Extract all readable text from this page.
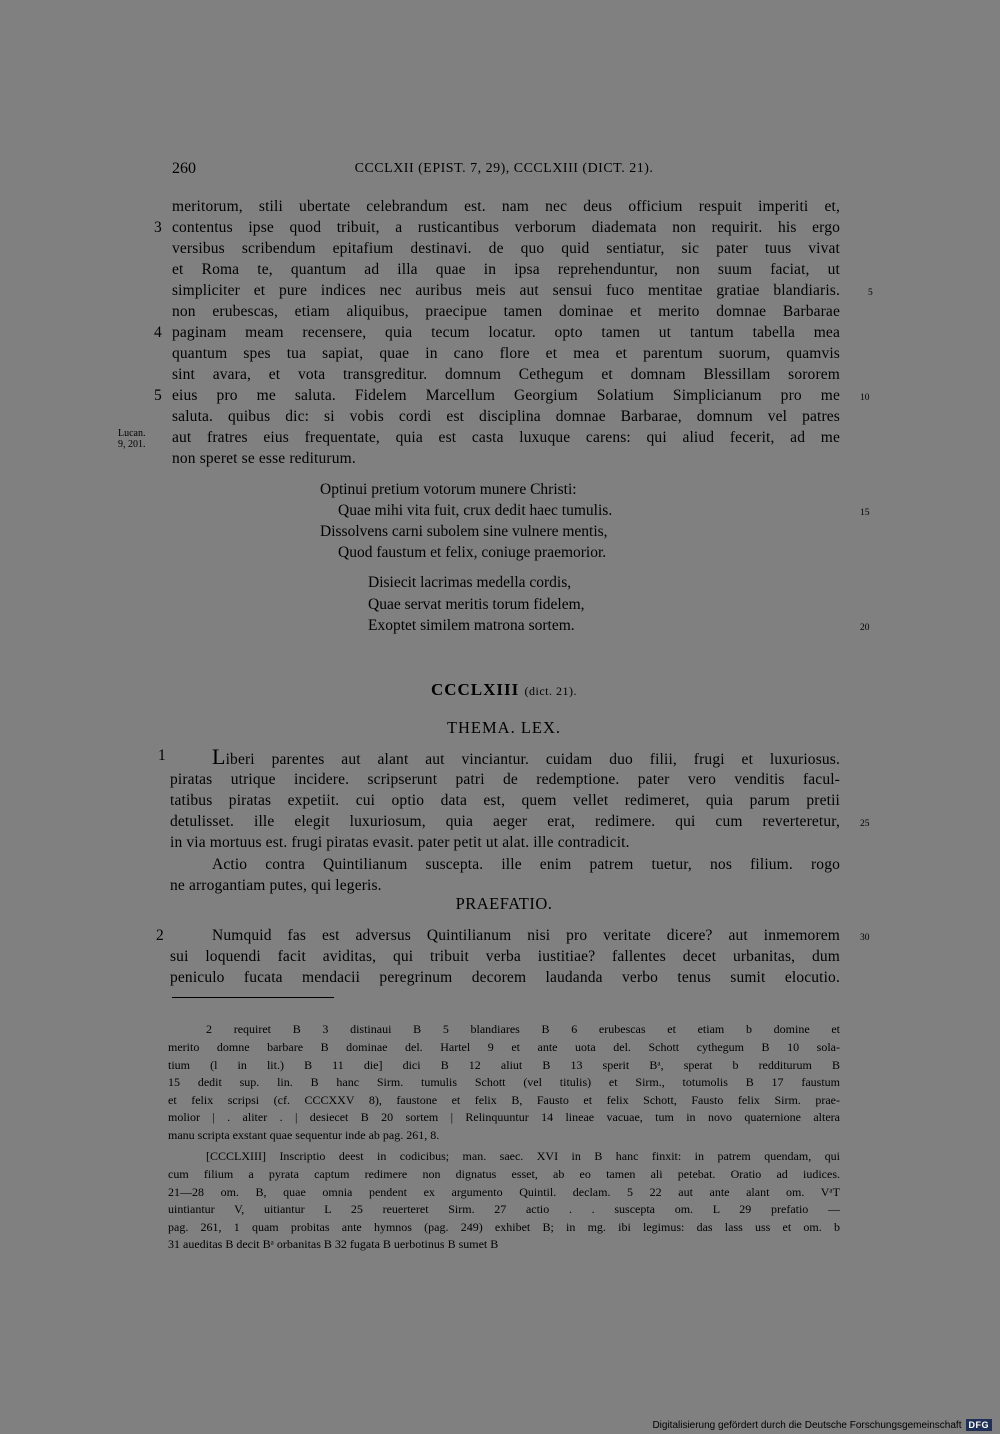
260	CCCLXII (EPIST. 7, 29), CCCLXIII (DICT. 21).
meritorum, stili ubertate celebrandum est. nam nec deus officium respuit imperiti et,
contentus ipse quod tribuit, a rusticantibus verborum diademata non requirit. his ergo
versibus scribendum epitafium destinavi. de quo quid sentiatur, sic pater tuus vivat
et Roma te, quantum ad illa quae in ipsa reprehenduntur, non suum faciat, ut
simpliciter et pure indices nec auribus meis aut sensui fuco mentitae gratiae blandiaris.
non erubescas, etiam aliquibus, praecipue tamen dominae et merito domnae Barbarae
paginam meam recensere, quia tecum locatur. opto tamen ut tantum tabella mea
quantum spes tua sapiat, quae in cano flore et mea et parentum suorum, quamvis
sint avara, et vota transgreditur. domnum Cethegum et domnam Blessillam sororem
eius pro me saluta. Fidelem Marcellum Georgium Solatium Simplicianum pro me
saluta. quibus dic: si vobis cordi est disciplina domnae Barbarae, domnum vel patres
aut fratres eius frequentate, quia est casta luxuque carens: qui aliud fecerit, ad me
non speret se esse rediturum.
3
4
5
5
10
Lucan.
9, 201.
Optinui pretium votorum munere Christi:
Quae mihi vita fuit, crux dedit haec tumulis.
Dissolvens carni subolem sine vulnere mentis,
Quod faustum et felix, coniuge praemorior.
Disiecit lacrimas medella cordis,
Quae servat meritis torum fidelem,
Exoptet similem matrona sortem.
15
20
CCCLXIII (dict. 21).
THEMA. LEX.
1 Liberi parentes aut alant aut vinciantur. cuidam duo filii, frugi et luxuriosus.
piratas utrique incidere. scripserunt patri de redemptione. pater vero venditis facul-
tatibus piratas expetiit. cui optio data est, quem vellet redimeret, quia parum pretii
detulisset. ille elegit luxuriosum, quia aeger erat, redimere. qui cum reverteretur,
in via mortuus est. frugi piratas evasit. pater petit ut alat. ille contradicit.
Actio contra Quintilianum suscepta. ille enim patrem tuetur, nos filium. rogo
ne arrogantiam putes, qui legeris.
25
PRAEFATIO.
2	Numquid fas est adversus Quintilianum nisi pro veritate dicere? aut inmemorem
sui loquendi facit aviditas, qui tribuit verba iustitiae? fallentes decet urbanitas, dum
peniculo fucata mendacii peregrinum decorem laudanda verbo tenus sumit elocutio.
30
2 requiret B 3 distinaui B 5 blandiares B 6 erubescas et etiam b domine et
merito domne barbare B dominae del. Hartel 9 et ante uota del. Schott cythegum B 10 sola-
tium (l in lit.) B 11 die] dici B 12 aliut B 13 sperit Bᵃ, sperat b redditurum B
15 dedit sup. lin. B hanc Sirm. tumulis Schott (vel titulis) et Sirm., totumolis B 17 faustum
et felix scripsi (cf. CCCXXV 8), faustone et felix B, Fausto et felix Schott, Fausto felix Sirm. prae-
molior | . aliter . | desiecet B 20 sortem | Relinquuntur 14 lineae vacuae, tum in novo quaternione altera
manu scripta exstant quae sequentur inde ab pag. 261, 8.
[CCCLXIII] Inscriptio deest in codicibus; man. saec. XVI in B hanc finxit: in patrem quendam, qui
cum filium a pyrata captum redimere non dignatus esset, ab eo tamen ali petebat. Oratio ad iudices.
21—28 om. B, quae omnia pendent ex argumento Quintil. declam. 5 22 aut ante alant om. VᵃT
uintiantur V, uitiantur L 25 reuerteret Sirm. 27 actio . . suscepta om. L 29 prefatio —
pag. 261, 1 quam probitas ante hymnos (pag. 249) exhibet B; in mg. ibi legimus: das lass uss et om. b
31 aueditas B decit Bᵃ orbanitas B 32 fugata B uerbotinus B sumet B
Digitalisierung gefördert durch die Deutsche Forschungsgemeinschaft DFG
